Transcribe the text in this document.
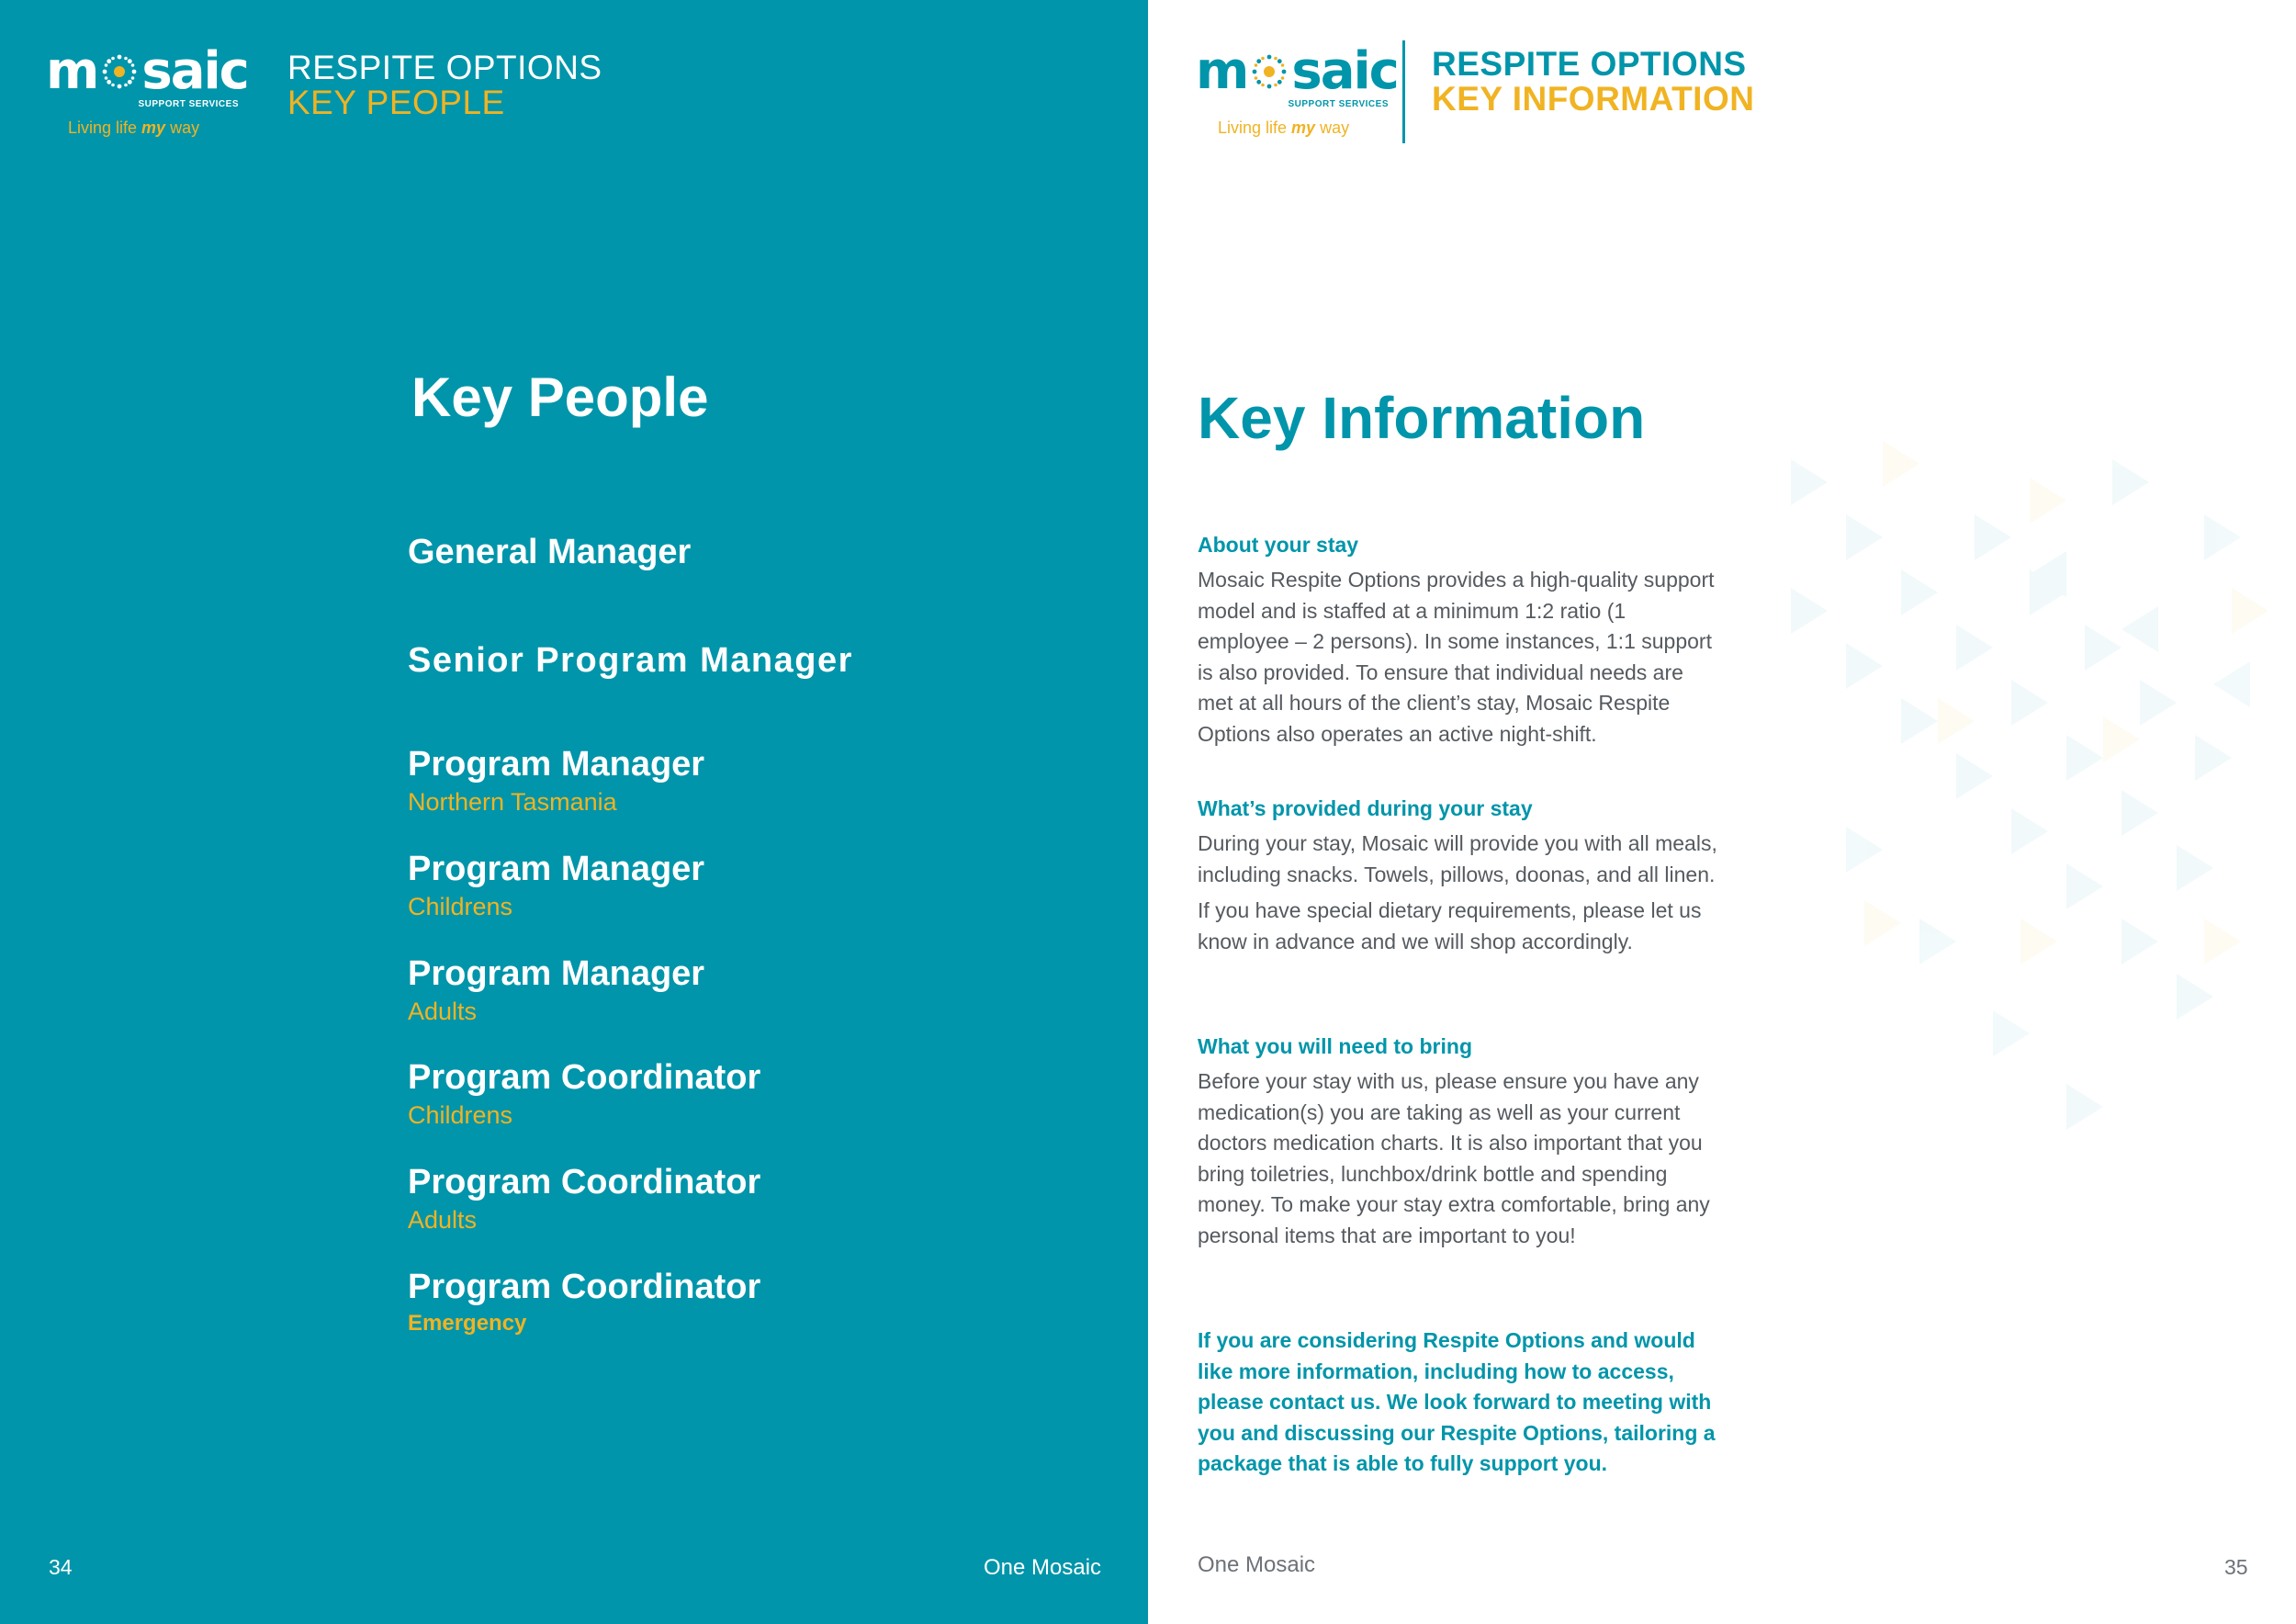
m saic
SUPPORT SERVICES
Living life my way
RESPITE OPTIONS
KEY PEOPLE
Key People
General Manager
Senior Program Manager
Program Manager
Northern Tasmania
Program Manager
Childrens
Program Manager
Adults
Program Coordinator
Childrens
Program Coordinator
Adults
Program Coordinator
Emergency
34	One Mosaic
m saic
SUPPORT SERVICES
Living life my way
RESPITE OPTIONS
KEY INFORMATION
Key Information
About your stay

Mosaic Respite Options provides a high-quality support model and is staffed at a minimum 1:2 ratio (1 employee – 2 persons). In some instances, 1:1 support is also provided. To ensure that individual needs are met at all hours of the client’s stay, Mosaic Respite Options also operates an active night-shift.

What’s provided during your stay

During your stay, Mosaic will provide you with all meals, including snacks. Towels, pillows, doonas, and all linen.

If you have special dietary requirements, please let us know in advance and we will shop accordingly.

What you will need to bring

Before your stay with us, please ensure you have any medication(s) you are taking as well as your current doctors medication charts. It is also important that you bring toiletries, lunchbox/drink bottle and spending money. To make your stay extra comfortable, bring any personal items that are important to you!

If you are considering Respite Options and would like more information, including how to access, please contact us. We look forward to meeting with you and discussing our Respite Options, tailoring a package that is able to fully support you.

One Mosaic	35
